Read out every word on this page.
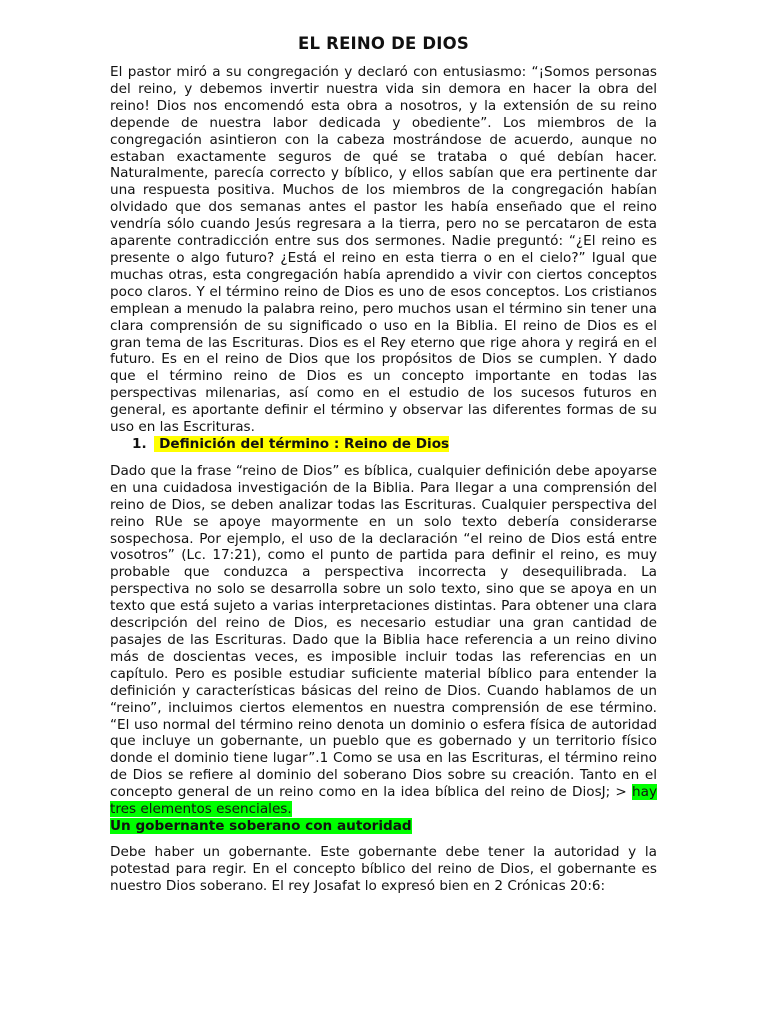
EL REINO DE DIOS

El pastor miró a su congregación y declaró con entusiasmo: “¡Somos personas del reino, y debemos invertir nuestra vida sin demora en hacer la obra del reino! Dios nos encomendó esta obra a nosotros, y la extensión de su reino depende de nuestra labor dedicada y obediente”. Los miembros de la congregación asintieron con la cabeza mostrándose de acuerdo, aunque no estaban exactamente seguros de qué se trataba o qué debían hacer. Naturalmente, parecía correcto y bíblico, y ellos sabían que era pertinente dar una respuesta positiva. Muchos de los miembros de la congregación habían olvidado que dos semanas antes el pastor les había enseñado que el reino vendría sólo cuando Jesús regresara a la tierra, pero no se percataron de esta aparente contradicción entre sus dos sermones. Nadie preguntó: “¿El reino es presente o algo futuro? ¿Está el reino en esta tierra o en el cielo?” Igual que muchas otras, esta congregación había aprendido a vivir con ciertos conceptos poco claros. Y el término reino de Dios es uno de esos conceptos. Los cristianos emplean a menudo la palabra reino, pero muchos usan el término sin tener una clara comprensión de su significado o uso en la Biblia. El reino de Dios es el gran tema de las Escrituras. Dios es el Rey eterno que rige ahora y regirá en el futuro. Es en el reino de Dios que los propósitos de Dios se cumplen. Y dado que el término reino de Dios es un concepto importante en todas las perspectivas milenarias, así como en el estudio de los sucesos futuros en general, es aportante definir el término y observar las diferentes formas de su uso en las Escrituras.

1. Definición del término : Reino de Dios

Dado que la frase “reino de Dios” es bíblica, cualquier definición debe apoyarse en una cuidadosa investigación de la Biblia. Para llegar a una comprensión del reino de Dios, se deben analizar todas las Escrituras. Cualquier perspectiva del reino RUe se apoye mayormente en un solo texto debería considerarse sospechosa. Por ejemplo, el uso de la declaración “el reino de Dios está entre vosotros” (Lc. 17:21), como el punto de partida para definir el reino, es muy probable que conduzca a perspectiva incorrecta y desequilibrada. La perspectiva no solo se desarrolla sobre un solo texto, sino que se apoya en un texto que está sujeto a varias interpretaciones distintas. Para obtener una clara descripción del reino de Dios, es necesario estudiar una gran cantidad de pasajes de las Escrituras. Dado que la Biblia hace referencia a un reino divino más de doscientas veces, es imposible incluir todas las referencias en un capítulo. Pero es posible estudiar suficiente material bíblico para entender la definición y características básicas del reino de Dios. Cuando hablamos de un “reino”, incluimos ciertos elementos en nuestra comprensión de ese término. “El uso normal del término reino denota un dominio o esfera física de autoridad que incluye un gobernante, un pueblo que es gobernado y un territorio físico donde el dominio tiene lugar”.1 Como se usa en las Escrituras, el término reino de Dios se refiere al dominio del soberano Dios sobre su creación. Tanto en el concepto general de un reino como en la idea bíblica del reino de DiosJ; > hay tres elementos esenciales.

Un gobernante soberano con autoridad

Debe haber un gobernante. Este gobernante debe tener la autoridad y la potestad para regir. En el concepto bíblico del reino de Dios, el gobernante es nuestro Dios soberano. El rey Josafat lo expresó bien en 2 Crónicas 20:6:
